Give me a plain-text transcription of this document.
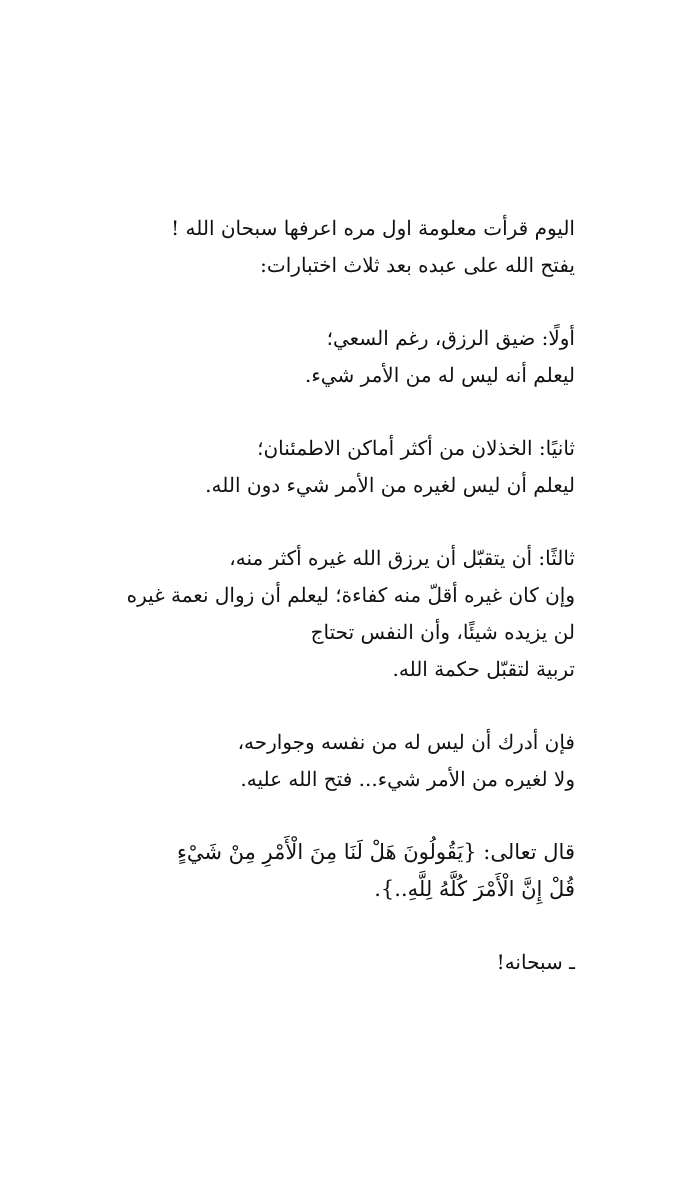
اليوم قرأت معلومة اول مره اعرفها سبحان الله !
يفتح الله على عبده بعد ثلاث اختبارات:

أولًا: ضيق الرزق، رغم السعي؛
ليعلم أنه ليس له من الأمر شيء.

ثانيًا: الخذلان من أكثر أماكن الاطمئنان؛
ليعلم أن ليس لغيره من الأمر شيء دون الله.

ثالثًا: أن يتقبّل أن يرزق الله غيره أكثر منه،
وإن كان غيره أقلّ منه كفاءة؛ ليعلم أن زوال نعمة غيره
لن يزيده شيئًا، وأن النفس تحتاج
تربية لتقبّل حكمة الله.

فإن أدرك أن ليس له من نفسه وجوارحه،
ولا لغيره من الأمر شيء... فتح الله عليه.

قال تعالى: {يَقُولُونَ هَلْ لَنَا مِنَ الْأَمْرِ مِنْ شَيْءٍ
قُلْ إِنَّ الْأَمْرَ كُلَّهُ لِلَّهِ..}.

ـ سبحانه!
